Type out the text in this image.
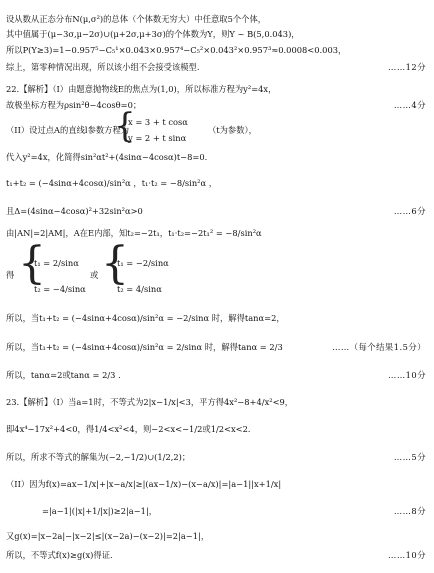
设从数从正态分布N(μ,σ²)的总体（个体数无穷大）中任意取5个个体，
其中值属于(μ−3σ,μ−2σ)∪(μ+2σ,μ+3σ)的个体数为Y，则Y ~ B(5,0.043)，
所以P(Y≥3)=1−0.957⁵−C₅¹×0.043×0.957⁴−C₅²×0.043²×0.957³≈0.0008<0.003，
综上，第零种情况出现，所以该小组不会接受该模型.	……12分
22.【解析】（I）由题意抛物线E的焦点为(1,0)，所以标准方程为y²=4x，
故极坐标方程为ρsin²θ−4cosθ=0；	……4分
（II）设过点A的直线l参数方程为
{
x = 3 + t cosα
y = 2 + t sinα
（t为参数），
代入y²=4x，化简得sin²αt²+(4sinα−4cosα)t−8=0．
t₁+t₂ = (−4sinα+4cosα)/sin²α ，t₁·t₂ = −8/sin²α ，
且Δ=(4sinα−4cosα)²+32sin²α>0	……6分
由|AN|=2|AM|，A在E内部，知t₂=−2t₁，t₁·t₂=−2t₁² = −8/sin²α
得 {
t₁ = 2/sinα
t₂ = −4/sinα
或 {
t₁ = −2/sinα
t₂ = 4/sinα
所以，当t₁+t₂ = (−4sinα+4cosα)/sin²α = −2/sinα 时，解得tanα=2，
所以，当t₁+t₂ = (−4sinα+4cosα)/sin²α = 2/sinα 时，解得tanα = 2/3	……（每个结果1.5分）
所以，tanα=2或tanα = 2/3 ．	……10分
23.【解析】（I）当a=1时，不等式为2|x−1/x|<3，平方得4x²−8+4/x²<9，
即4x⁴−17x²+4<0，得1/4<x²<4，则−2<x<−1/2或1/2<x<2．
所以，所求不等式的解集为(−2,−1/2)∪(1/2,2)；	……5分
（II）因为f(x)=ax−1/x|+|x−a/x|≥|(ax−1/x)−(x−a/x)|=|a−1||x+1/x|
=|a−1|(|x|+1/|x|)≥2|a−1|，	……8分
又g(x)=|x−2a|−|x−2|≤|(x−2a)−(x−2)|=2|a−1|，
所以，不等式f(x)≥g(x)得证．	……10分
